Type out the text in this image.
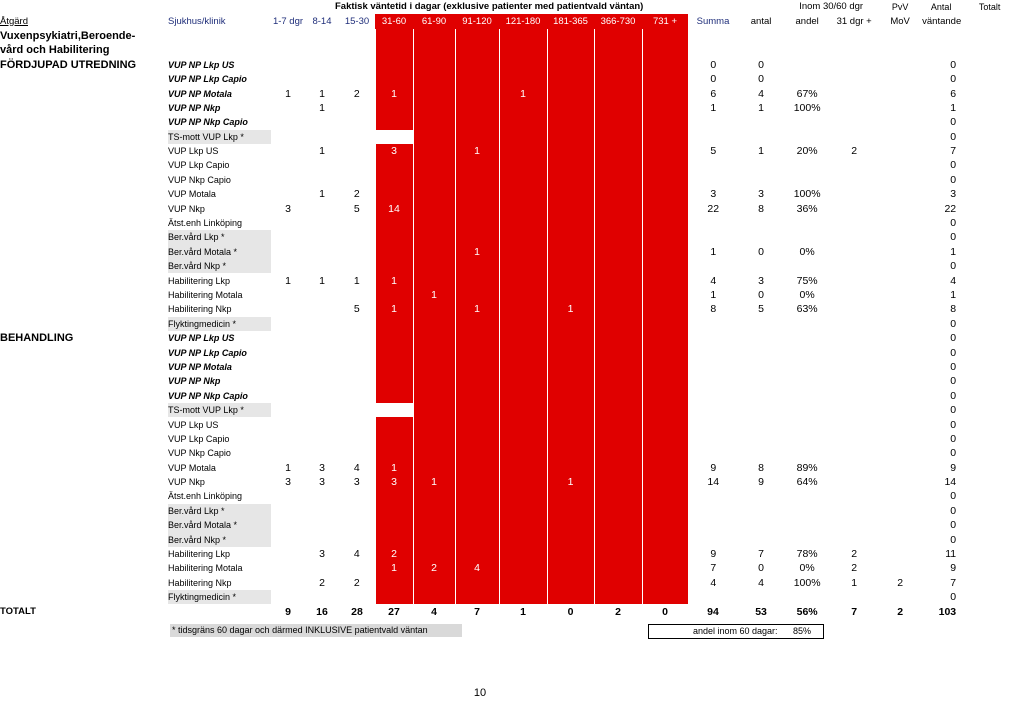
		Faktisk väntetid i dagar (exklusive patienter med patientvald väntan)												Inom 30/60 dgr		PvV	Antal	Totalt
Åtgärd	Sjukhus/klinik	1-7 dgr	8-14	15-30	31-60	61-90	91-120	121-180	181-365	366-730	731 +	Summa	antal	andel	31 dgr +	MoV	väntande	
Vuxenpsykiatri,Beroende-																		
vård och Habilitering																		
FÖRDJUPAD UTREDNING	VUP NP Lkp US											0	0				0	
	VUP NP Lkp Capio											0	0				0	
	VUP NP Motala	1	1	2	1			1				6	4	67%			6	
	VUP NP Nkp		1									1	1	100%			1	
	VUP NP Nkp Capio																0	
	TS-mott VUP Lkp *																0	
	VUP Lkp US		1		3		1					5	1	20%	2		7	
	VUP Lkp Capio																0	
	VUP Nkp Capio																0	
	VUP Motala		1	2								3	3	100%			3	
	VUP Nkp	3		5	14							22	8	36%			22	
	Ätst.enh Linköping																0	
	Ber.vård Lkp *																0	
	Ber.vård Motala *						1					1	0	0%			1	
	Ber.vård Nkp *																0	
	Habilitering Lkp	1	1	1	1							4	3	75%			4	
	Habilitering Motala					1						1	0	0%			1	
	Habilitering Nkp			5	1		1		1			8	5	63%			8	
	Flyktingmedicin *																0	
BEHANDLING	VUP NP Lkp US																0	
	VUP NP Lkp Capio																0	
	VUP NP Motala																0	
	VUP NP Nkp																0	
	VUP NP Nkp Capio																0	
	TS-mott VUP Lkp *																0	
	VUP Lkp US																0	
	VUP Lkp Capio																0	
	VUP Nkp Capio																0	
	VUP Motala	1	3	4	1							9	8	89%			9	
	VUP Nkp	3	3	3	3	1			1			14	9	64%			14	
	Ätst.enh Linköping																0	
	Ber.vård Lkp *																0	
	Ber.vård Motala *																0	
	Ber.vård Nkp *																0	
	Habilitering Lkp		3	4	2							9	7	78%	2		11	
	Habilitering Motala				1	2	4					7	0	0%	2		9	
	Habilitering Nkp		2	2								4	4	100%	1	2	7	
	Flyktingmedicin *																0	
TOTALT		9	16	28	27	4	7	1	0	2	0	94	53	56%	7	2	103	
* tidsgräns 60 dagar och därmed INKLUSIVE patientvald väntan	andel inom 60 dagar: 85%
10
